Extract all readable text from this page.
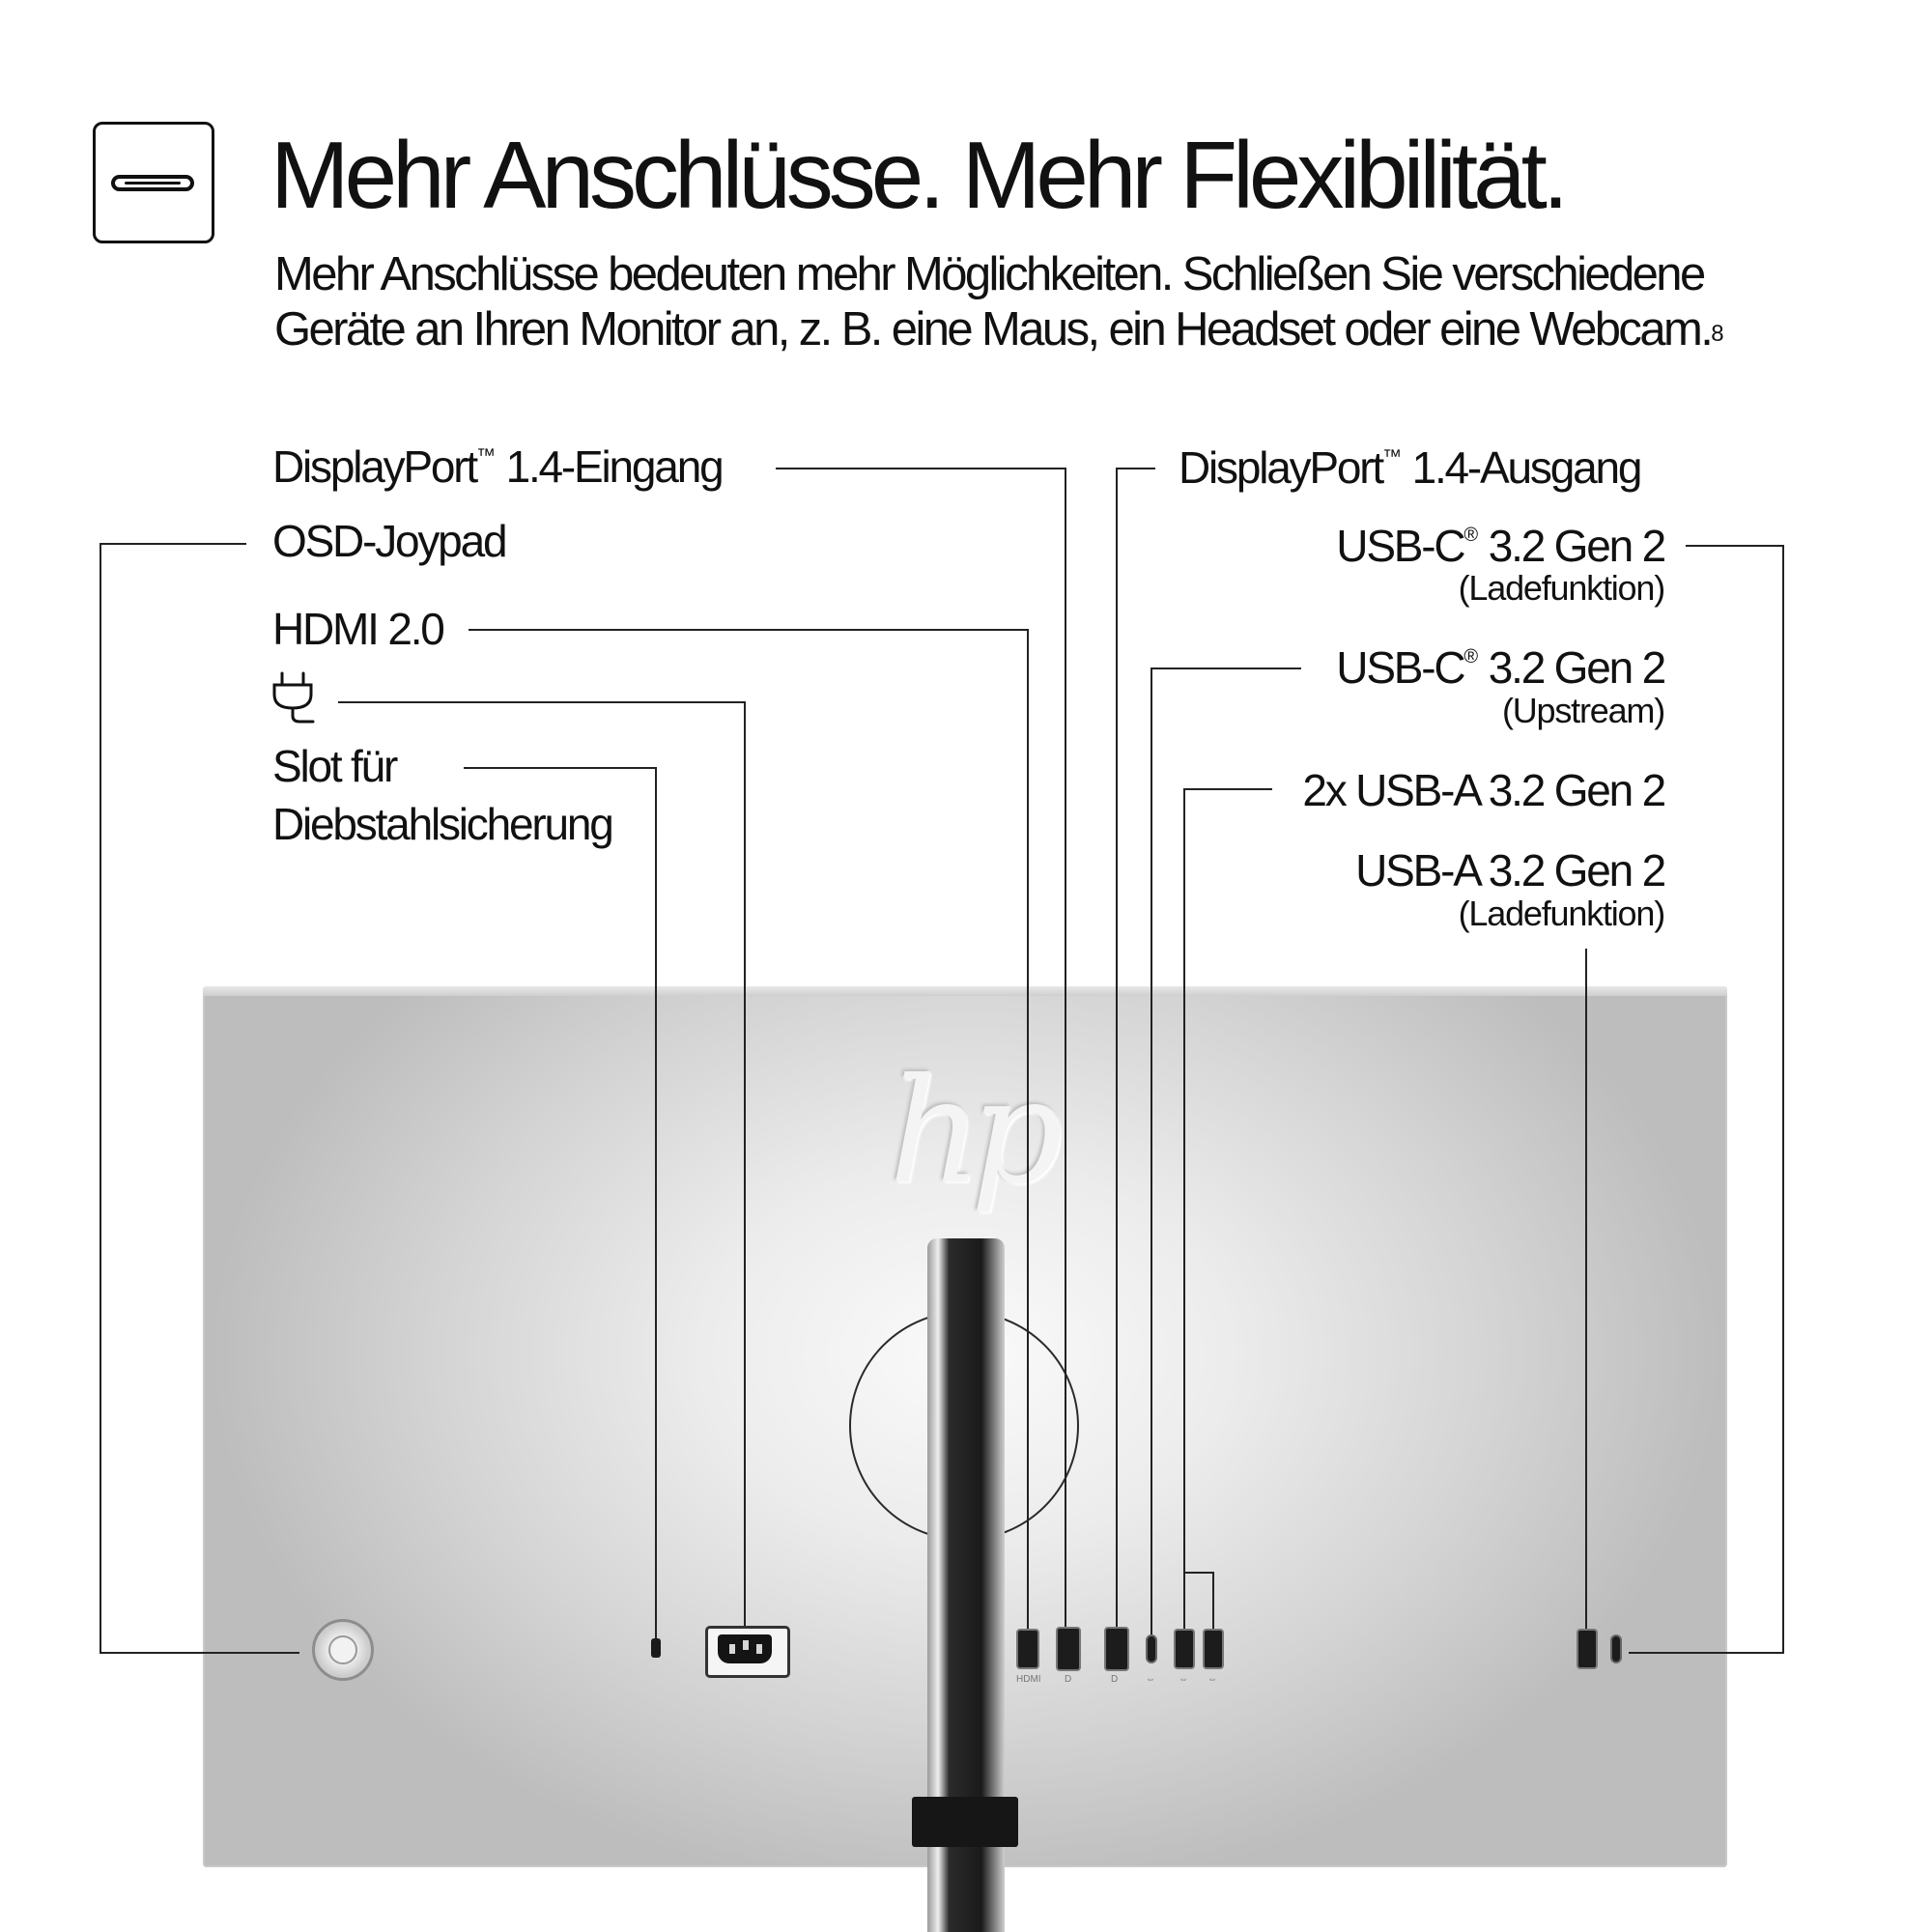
Mehr Anschlüsse. Mehr Flexibilität.
Mehr Anschlüsse bedeuten mehr Möglichkeiten. Schließen Sie verschiedene Geräte an Ihren Monitor an, z. B. eine Maus, ein Headset oder eine Webcam.$^8$
hp
HDMI D	D	⇔ ⇔ ⇔
DisplayPort™ 1.4-Eingang
OSD-Joypad
HDMI 2.0
Slot für
Diebstahlsicherung
DisplayPort™ 1.4-Ausgang
USB-C® 3.2 Gen 2
(Ladefunktion)
USB-C® 3.2 Gen 2
(Upstream)
2x USB-A 3.2 Gen 2
USB-A 3.2 Gen 2
(Ladefunktion)
